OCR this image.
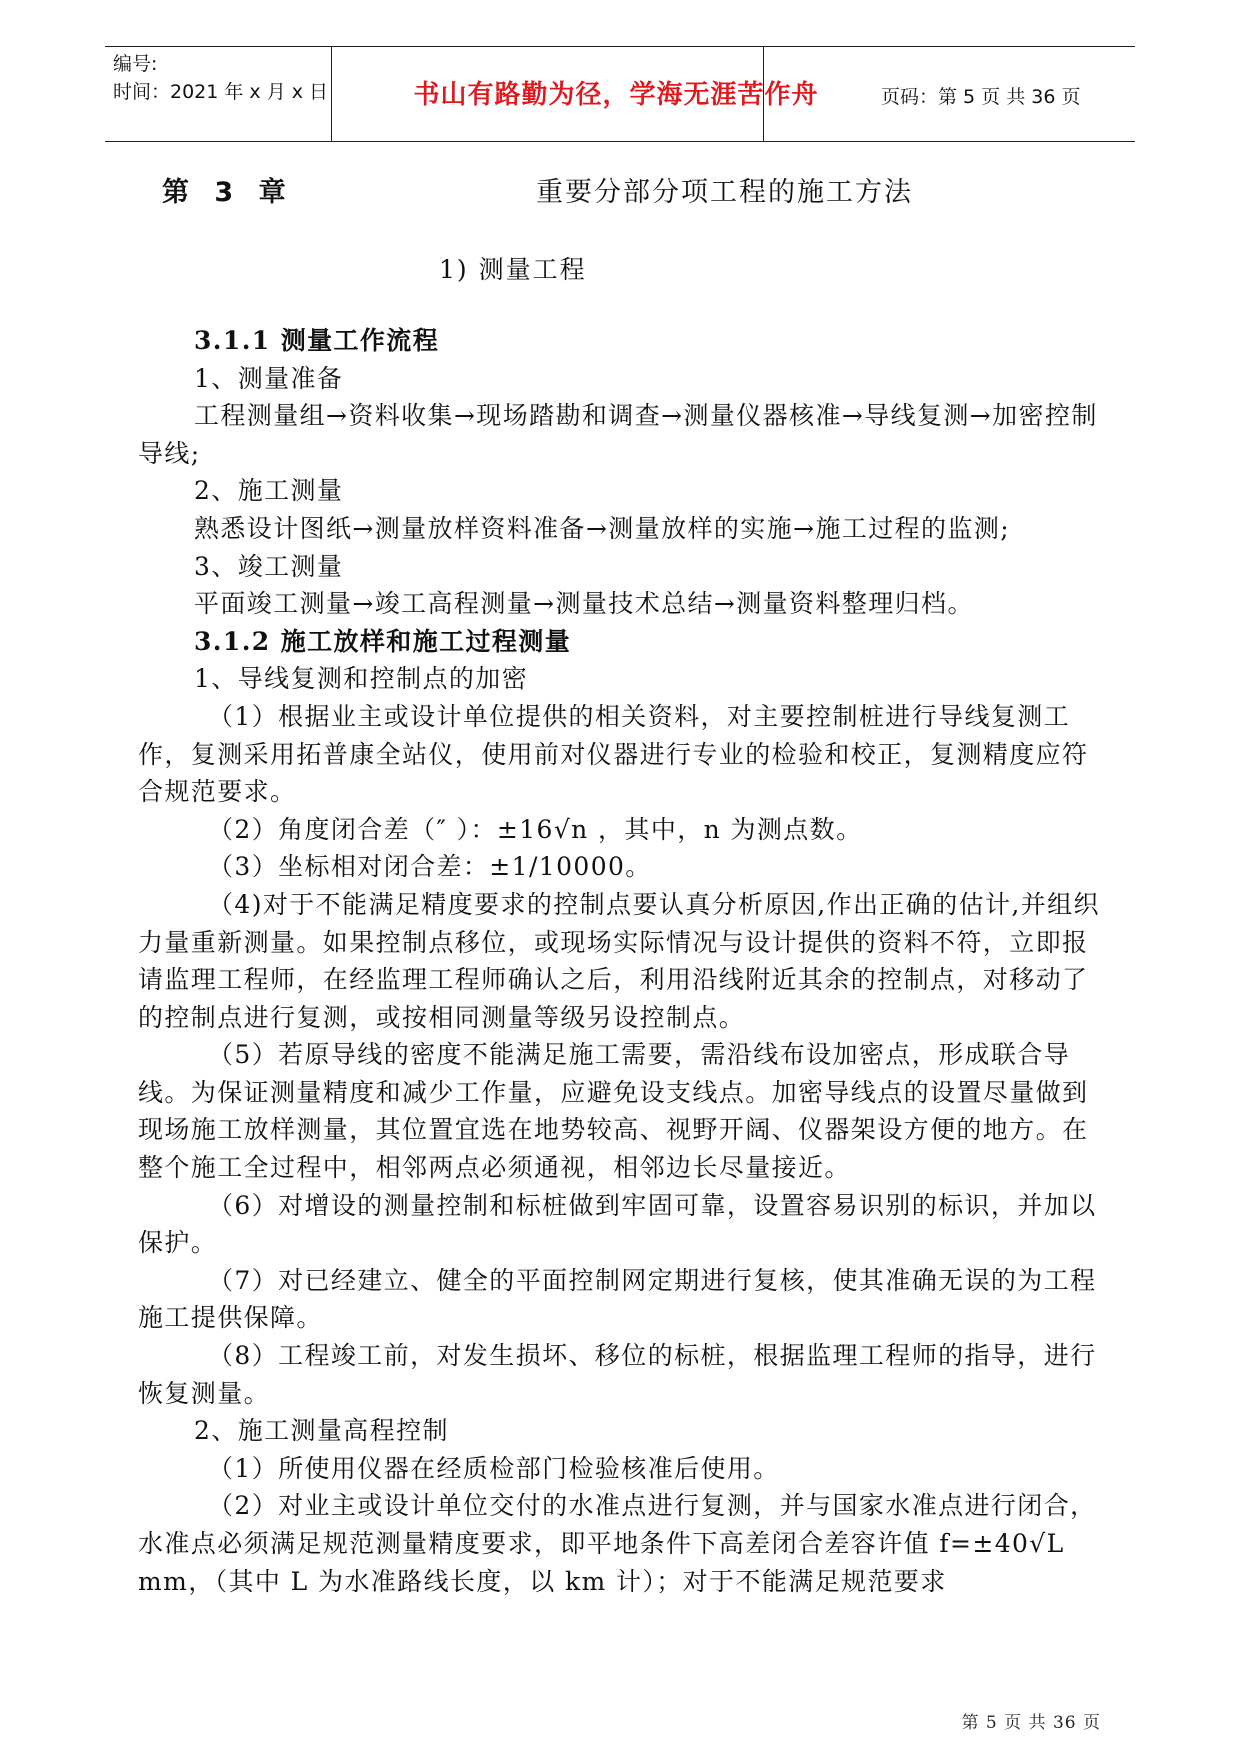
编号:
时间：2021 年 x 月 x 日	书山有路勤为径，学海无涯苦作舟	页码：第 5 页 共 36 页
第 3 章	重要分部分项工程的施工方法
1) 测量工程

3.1.1 测量工作流程

1、测量准备

工程测量组→资料收集→现场踏勘和调查→测量仪器核准→导线复测→加密控制导线;

2、施工测量

熟悉设计图纸→测量放样资料准备→测量放样的实施→施工过程的监测;

3、竣工测量

平面竣工测量→竣工高程测量→测量技术总结→测量资料整理归档。

3.1.2 施工放样和施工过程测量

1、导线复测和控制点的加密

（1）根据业主或设计单位提供的相关资料，对主要控制桩进行导线复测工作，复测采用拓普康全站仪，使用前对仪器进行专业的检验和校正，复测精度应符合规范要求。

（2）角度闭合差（″ ）：±16√n ，其中，n 为测点数。

（3）坐标相对闭合差：±1/10000。

（4)对于不能满足精度要求的控制点要认真分析原因,作出正确的估计,并组织力量重新测量。如果控制点移位，或现场实际情况与设计提供的资料不符，立即报请监理工程师，在经监理工程师确认之后，利用沿线附近其余的控制点，对移动了的控制点进行复测，或按相同测量等级另设控制点。

（5）若原导线的密度不能满足施工需要，需沿线布设加密点，形成联合导线。为保证测量精度和减少工作量，应避免设支线点。加密导线点的设置尽量做到现场施工放样测量，其位置宜选在地势较高、视野开阔、仪器架设方便的地方。在整个施工全过程中，相邻两点必须通视，相邻边长尽量接近。

（6）对增设的测量控制和标桩做到牢固可靠，设置容易识别的标识，并加以保护。

（7）对已经建立、健全的平面控制网定期进行复核，使其准确无误的为工程施工提供保障。

（8）工程竣工前，对发生损坏、移位的标桩，根据监理工程师的指导，进行恢复测量。

2、施工测量高程控制

（1）所使用仪器在经质检部门检验核准后使用。

（2）对业主或设计单位交付的水准点进行复测，并与国家水准点进行闭合，水准点必须满足规范测量精度要求，即平地条件下高差闭合差容许值 f=±40√L mm，（其中 L 为水准路线长度，以 km 计）；对于不能满足规范要求

第 5 页 共 36 页
